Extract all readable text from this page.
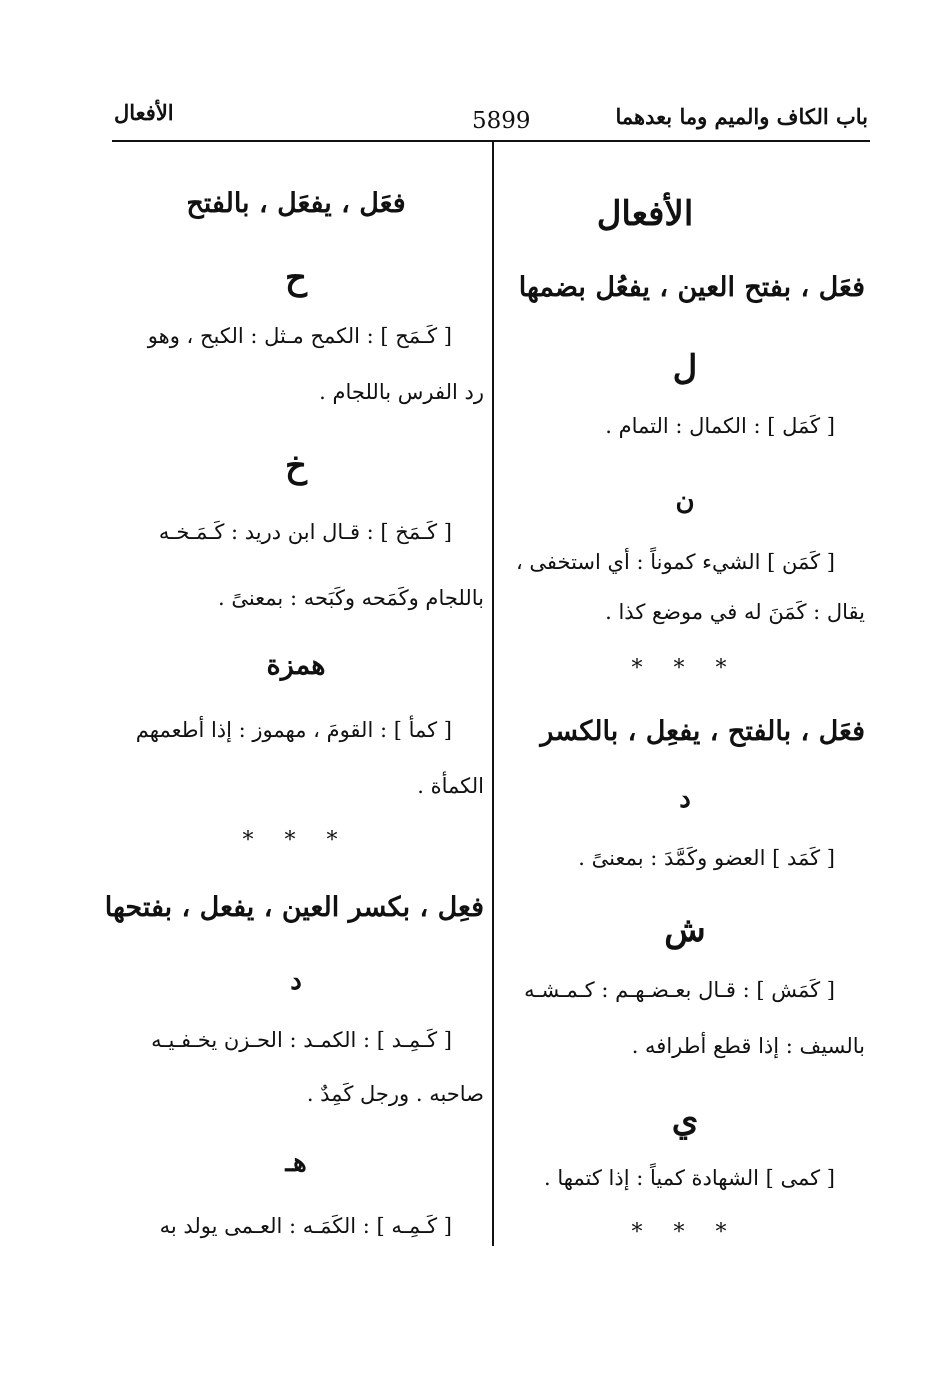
باب الكاف والميم وما بعدهما
5899
الأفعال
الأفعال
فعَل ، بفتح العين ، يفعُل بضمها
ل
[ كَمَل ] : الكمال : التمام .
ن
[ كَمَن ] الشيء كموناً : أي استخفى ،
يقال : كَمَنَ له في موضع كذا .
* * *
فعَل ، بالفتح ، يفعِل ، بالكسر
د
[ كَمَد ] العضو وكَمَّدَ : بمعنىً .
ش
[ كَمَش ] : قـال بعـضـهـم : كـمـشـه
بالسيف : إذا قطع أطرافه .
ي
[ كمى ] الشهادة كمياً : إذا كتمها .
* * *
فعَل ، يفعَل ، بالفتح
ح
[ كَـمَح ] : الكمح مـثل : الكبح ، وهو
رد الفرس باللجام .
خ
[ كَـمَخ ] : قـال ابن دريد : كَـمَـخـه
باللجام وكَمَحه وكَبَحه : بمعنىً .
همزة
[ كمأ ] : القومَ ، مهموز : إذا أطعمهم
الكمأة .
* * *
فعِل ، بكسر العين ، يفعل ، بفتحها
د
[ كَـمِـد ] : الكمـد : الحـزن يخـفـيـه
صاحبه . ورجل كَمِدٌ .
هـ
[ كَـمِـه ] : الكَمَـه : العـمى يولد به
